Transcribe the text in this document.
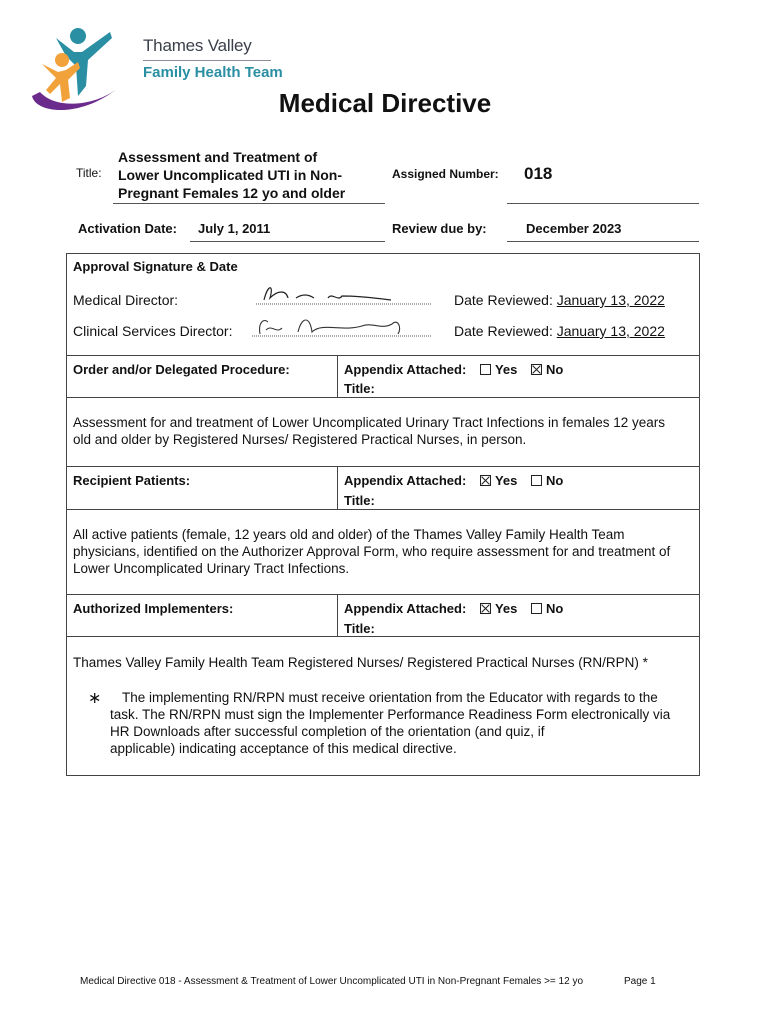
Thames Valley
Family Health Team
Medical Directive
Title:
Assessment and Treatment of
Lower Uncomplicated UTI in Non-
Pregnant Females 12 yo and older
Assigned Number: 018
Activation Date: July 1, 2011	Review due by:	December 2023
Approval Signature & Date
Medical Director:	Date Reviewed: January 13, 2022
Clinical Services Director:	Date Reviewed: January 13, 2022
Order and/or Delegated Procedure:	Appendix Attached: Yes No
Title:
Assessment for and treatment of Lower Uncomplicated Urinary Tract Infections in females 12 years
old and older by Registered Nurses/ Registered Practical Nurses, in person.
Recipient Patients:	Appendix Attached: Yes No
Title:
All active patients (female, 12 years old and older) of the Thames Valley Family Health Team
physicians, identified on the Authorizer Approval Form, who require assessment for and treatment of
Lower Uncomplicated Urinary Tract Infections.
Authorized Implementers:	Appendix Attached: Yes No
Title:
Thames Valley Family Health Team Registered Nurses/ Registered Practical Nurses (RN/RPN) *
∗	The implementing RN/RPN must receive orientation from the Educator with regards to the
task. The RN/RPN must sign the Implementer Performance Readiness Form electronically via
HR Downloads after successful completion of the orientation (and quiz, if
applicable) indicating acceptance of this medical directive.
Medical Directive 018 - Assessment & Treatment of Lower Uncomplicated UTI in Non-Pregnant Females >= 12 yo	Page 1
